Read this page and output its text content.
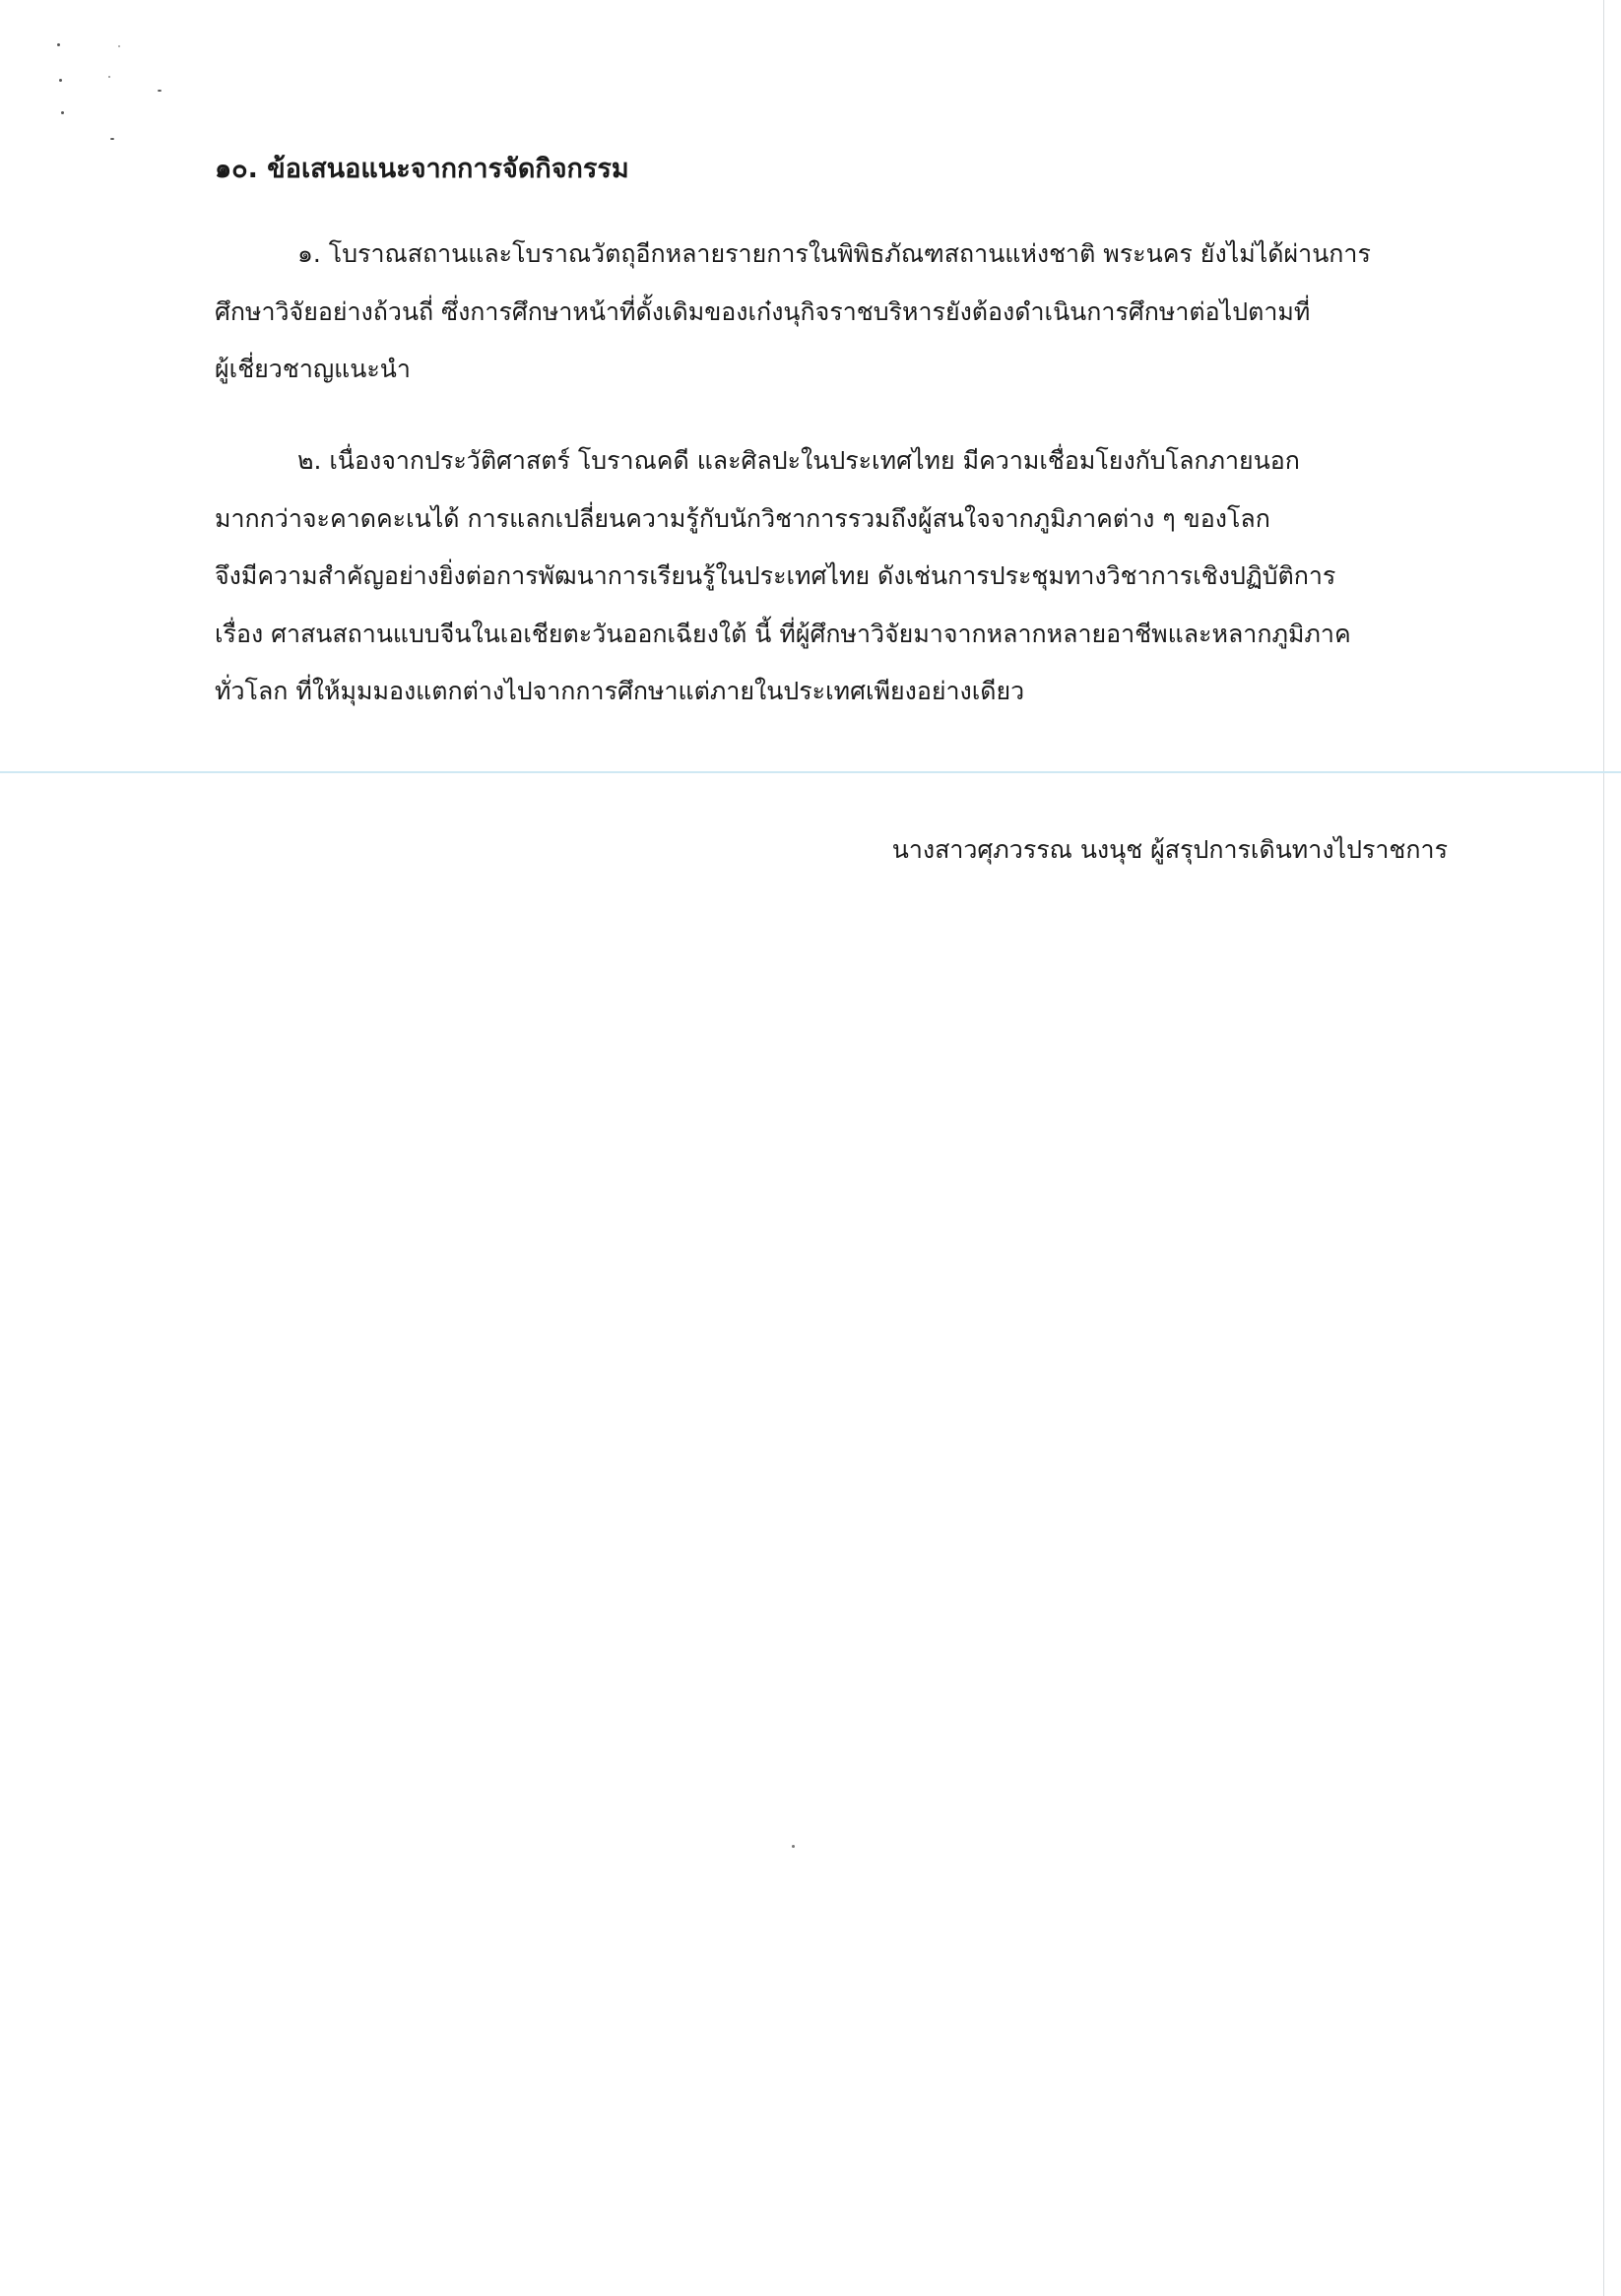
๑๐. ข้อเสนอแนะจากการจัดกิจกรรม
๑. โบราณสถานและโบราณวัตถุอีกหลายรายการในพิพิธภัณฑสถานแห่งชาติ พระนคร ยังไม่ได้ผ่านการ
ศึกษาวิจัยอย่างถ้วนถี่ ซึ่งการศึกษาหน้าที่ดั้งเดิมของเก๋งนุกิจราชบริหารยังต้องดำเนินการศึกษาต่อไปตามที่
ผู้เชี่ยวชาญแนะนำ
๒. เนื่องจากประวัติศาสตร์ โบราณคดี และศิลปะในประเทศไทย มีความเชื่อมโยงกับโลกภายนอก
มากกว่าจะคาดคะเนได้ การแลกเปลี่ยนความรู้กับนักวิชาการรวมถึงผู้สนใจจากภูมิภาคต่าง ๆ ของโลก
จึงมีความสำคัญอย่างยิ่งต่อการพัฒนาการเรียนรู้ในประเทศไทย ดังเช่นการประชุมทางวิชาการเชิงปฏิบัติการ
เรื่อง ศาสนสถานแบบจีนในเอเชียตะวันออกเฉียงใต้ นี้ ที่ผู้ศึกษาวิจัยมาจากหลากหลายอาชีพและหลากภูมิภาค
ทั่วโลก ที่ให้มุมมองแตกต่างไปจากการศึกษาแต่ภายในประเทศเพียงอย่างเดียว
นางสาวศุภวรรณ นงนุช ผู้สรุปการเดินทางไปราชการ
